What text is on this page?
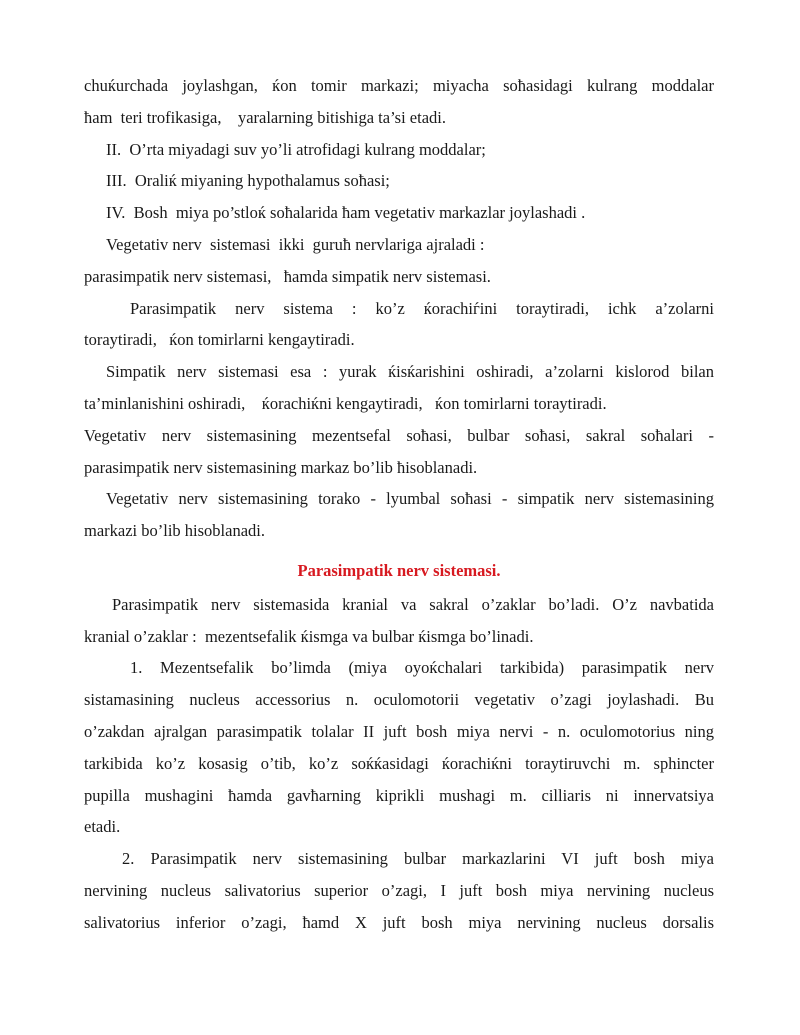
chuќurchada joylashgan, ќon tomir markazi; miyacha soħasidagi kulrang moddalar
ħam  teri trofikasiga,    yaralarning bitishiga ta’si etadi.
II.  O’rta miyadagi suv yo’li atrofidagi kulrang moddalar;
III.  Oraliќ miyaning hypothalamus soħasi;
IV.  Bosh  miya po’stloќ soħalarida ħam vegetativ markazlar joylashadi .
Vegetativ nerv  sistemasi  ikki  guruħ nervlariga ajraladi :
parasimpatik nerv sistemasi,   ħamda simpatik nerv sistemasi.
Parasimpatik nerv sistema : ko’z ќorachiѓini toraytiradi, ichk a’zolarni
toraytiradi,   ќon tomirlarni kengaytiradi.
Simpatik nerv sistemasi esa : yurak ќisќarishini oshiradi, a’zolarni kislorod bilan
ta’minlanishini oshiradi,    ќorachiќni kengaytiradi,   ќon tomirlarni toraytiradi.
Vegetativ nerv sistemasining mezentsefal soħasi, bulbar soħasi, sakral soħalari -
parasimpatik nerv sistemasining markaz bo’lib ħisoblanadi.
Vegetativ nerv sistemasining torako - lyumbal soħasi - simpatik nerv sistemasining
markazi bo’lib hisoblanadi.
Parasimpatik nerv sistemasi.
Parasimpatik nerv sistemasida kranial va sakral o’zaklar bo’ladi. O’z navbatida
kranial o’zaklar :  mezentsefalik ќismga va bulbar ќismga bo’linadi.
1. Mezentsefalik bo’limda (miya oyoќchalari tarkibida) parasimpatik nerv
sistamasining nucleus accessorius n. oculomotorii vegetativ o’zagi joylashadi. Bu
o’zakdan ajralgan parasimpatik tolalar II juft bosh miya nervi - n. oculomotorius ning
tarkibida ko’z kosasig o’tib, ko’z soќќasidagi ќorachiќni toraytiruvchi m. sphincter
pupilla mushagini ħamda gavħarning kiprikli mushagi m. cilliaris ni innervatsiya
etadi.
2. Parasimpatik nerv sistemasining bulbar markazlarini VI juft bosh miya
nervining nucleus salivatorius superior o’zagi, I juft bosh miya nervining nucleus
salivatorius inferior o’zagi, ħamd X juft bosh miya nervining nucleus dorsalis
